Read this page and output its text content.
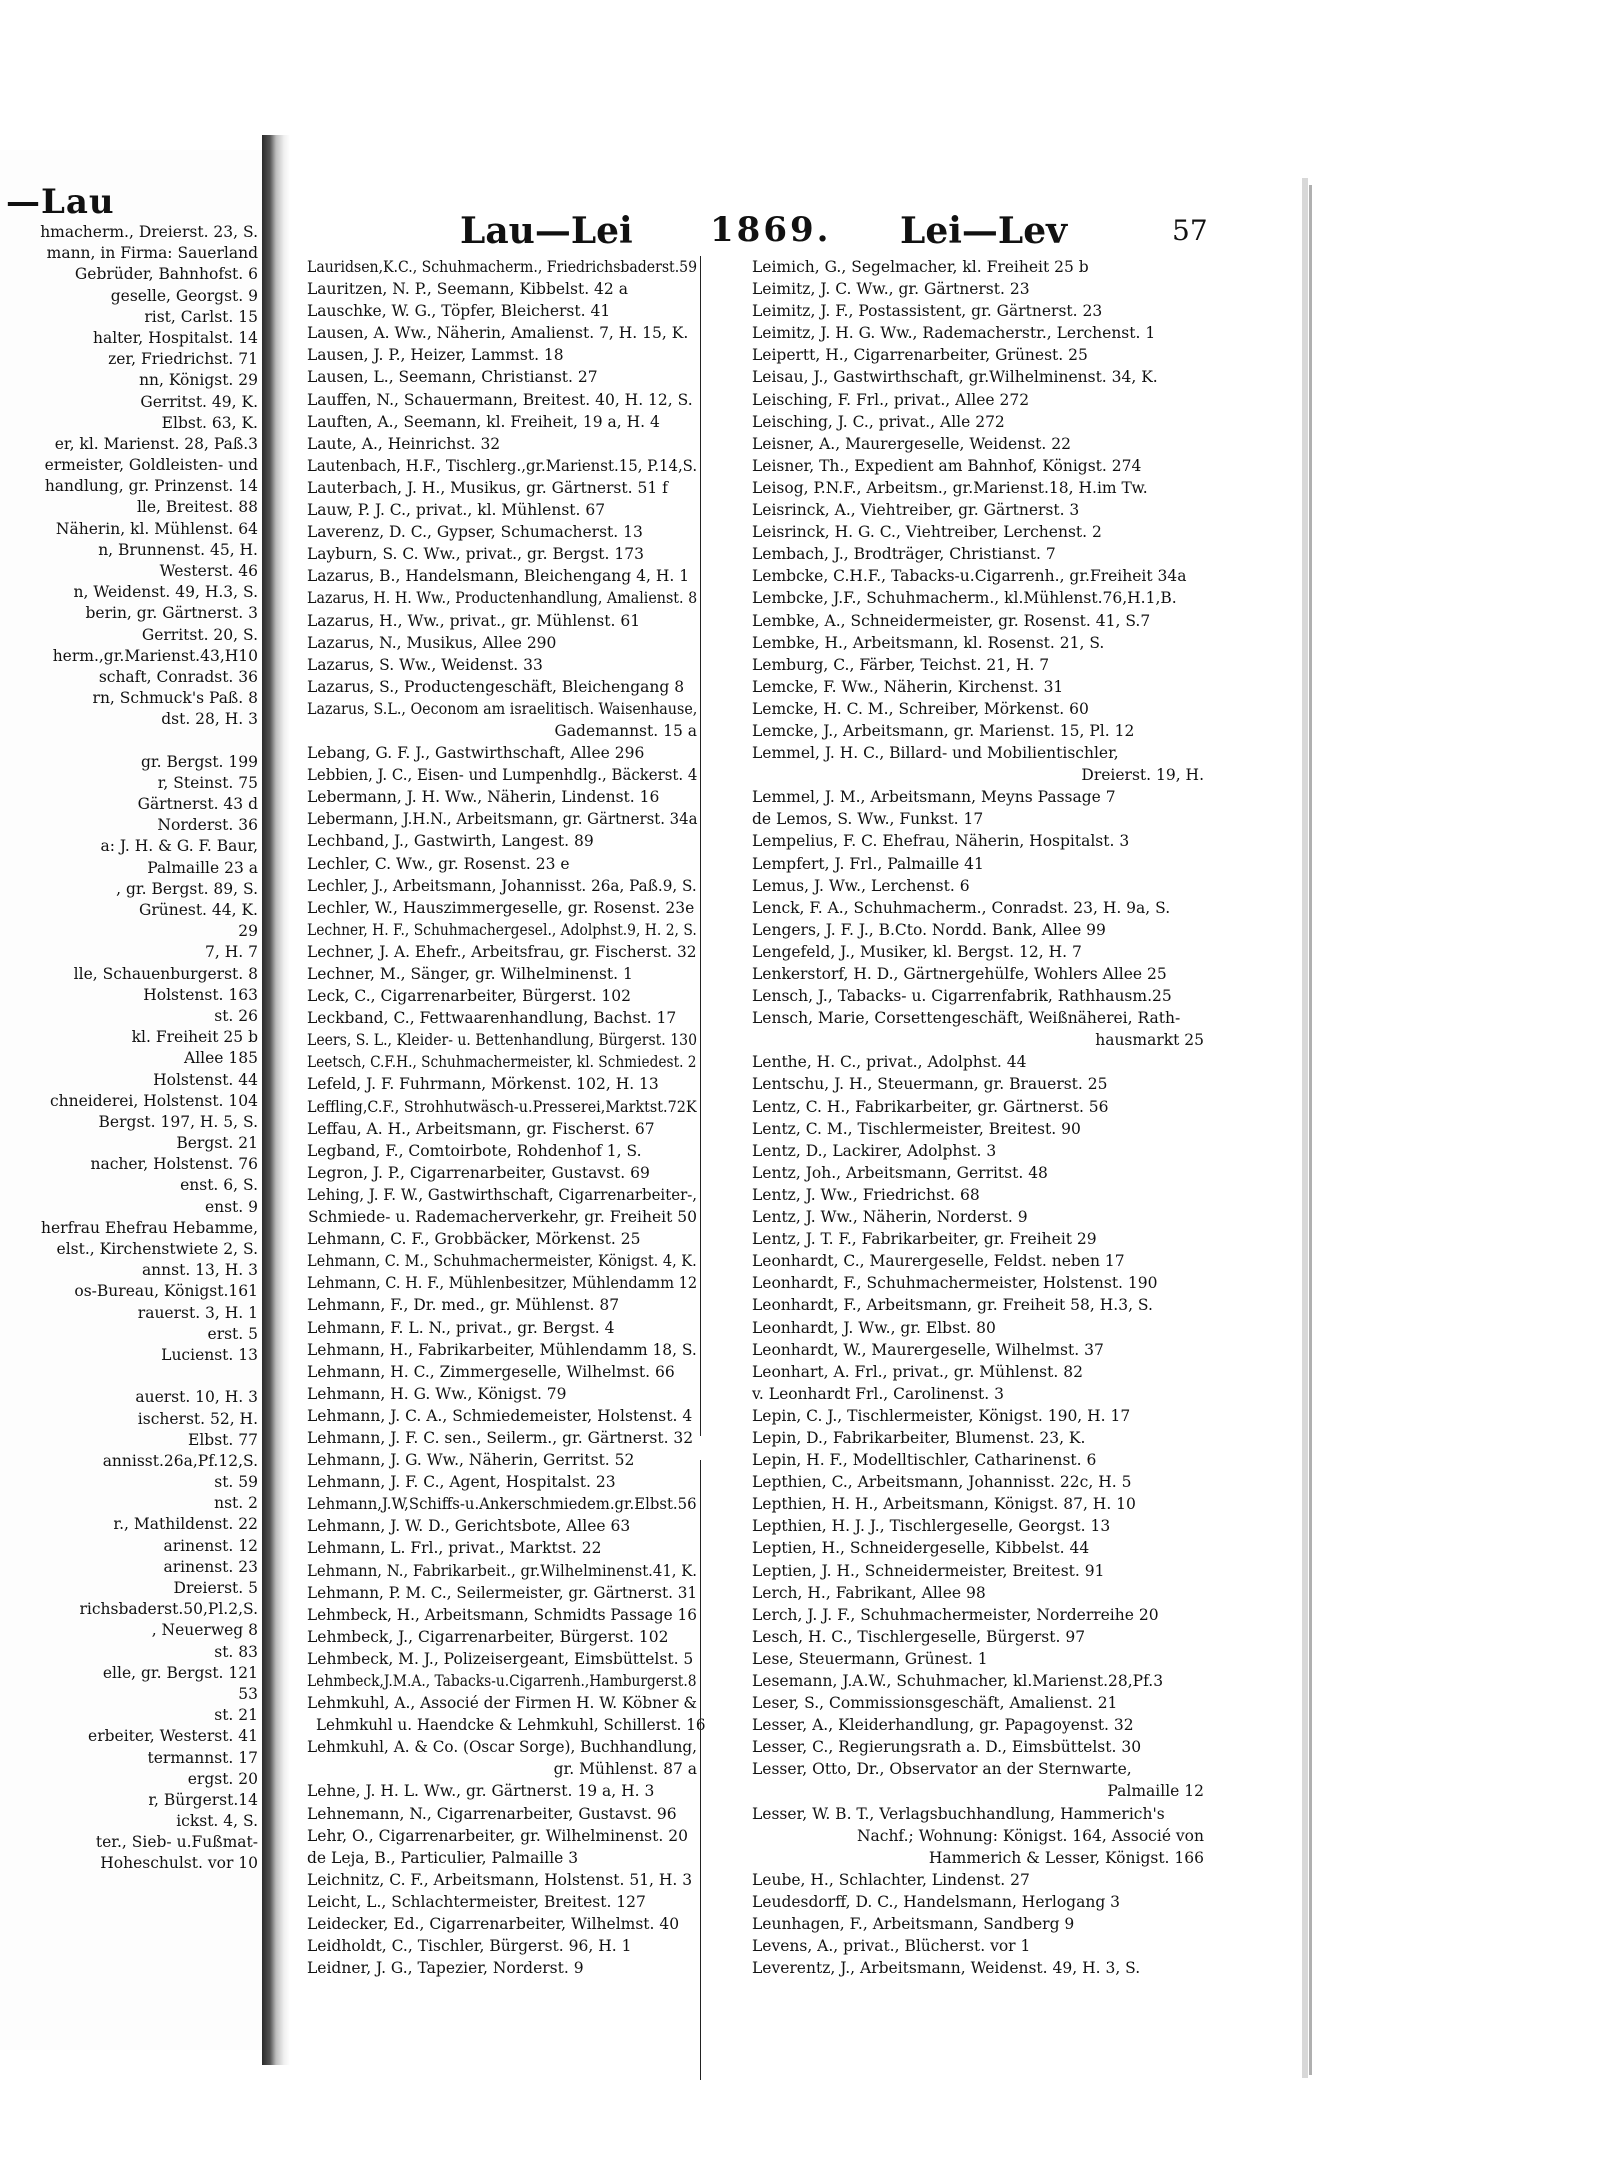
—Lau
hmacherm., Dreierst. 23, S.
mann, in Firma: Sauerland
Gebrüder, Bahnhofst. 6
geselle, Georgst. 9
rist, Carlst. 15
halter, Hospitalst. 14
zer, Friedrichst. 71
nn, Königst. 29
Gerritst. 49, K.
Elbst. 63, K.
er, kl. Marienst. 28, Paß.3
ermeister, Goldleisten- und
handlung, gr. Prinzenst. 14
lle, Breitest. 88
Näherin, kl. Mühlenst. 64
n, Brunnenst. 45, H.
Westerst. 46
n, Weidenst. 49, H.3, S.
berin, gr. Gärtnerst. 3
Gerritst. 20, S.
herm.,gr.Marienst.43,H10
schaft, Conradst. 36
rn, Schmuck's Paß. 8
dst. 28, H. 3
gr. Bergst. 199
r, Steinst. 75
Gärtnerst. 43 d
Norderst. 36
a: J. H. & G. F. Baur,
Palmaille 23 a
, gr. Bergst. 89, S.
Grünest. 44, K.
29
7, H. 7
lle, Schauenburgerst. 8
Holstenst. 163
st. 26
kl. Freiheit 25 b
Allee 185
Holstenst. 44
chneiderei, Holstenst. 104
Bergst. 197, H. 5, S.
Bergst. 21
nacher, Holstenst. 76
enst. 6, S.
enst. 9
herfrau Ehefrau Hebamme,
elst., Kirchenstwiete 2, S.
annst. 13, H. 3
os-Bureau, Königst.161
rauerst. 3, H. 1
erst. 5
Lucienst. 13
auerst. 10, H. 3
ischerst. 52, H.
Elbst. 77
annisst.26a,Pf.12,S.
st. 59
nst. 2
r., Mathildenst. 22
arinenst. 12
arinenst. 23
Dreierst. 5
richsbaderst.50,Pl.2,S.
, Neuerweg 8
st. 83
elle, gr. Bergst. 121
53
st. 21
erbeiter, Westerst. 41
termannst. 17
ergst. 20
r, Bürgerst.14
ickst. 4, S.
ter., Sieb- u.Fußmat-
Hoheschulst. vor 10
Lau—Lei 1869. Lei—Lev	57
Lauridsen,K.C., Schuhmacherm., Friedrichsbaderst.59
Lauritzen, N. P., Seemann, Kibbelst. 42 a
Lauschke, W. G., Töpfer, Bleicherst. 41
Lausen, A. Ww., Näherin, Amalienst. 7, H. 15, K.
Lausen, J. P., Heizer, Lammst. 18
Lausen, L., Seemann, Christianst. 27
Lauffen, N., Schauermann, Breitest. 40, H. 12, S.
Lauften, A., Seemann, kl. Freiheit, 19 a, H. 4
Laute, A., Heinrichst. 32
Lautenbach, H.F., Tischlerg.,gr.Marienst.15, P.14,S.
Lauterbach, J. H., Musikus, gr. Gärtnerst. 51 f
Lauw, P. J. C., privat., kl. Mühlenst. 67
Laverenz, D. C., Gypser, Schumacherst. 13
Layburn, S. C. Ww., privat., gr. Bergst. 173
Lazarus, B., Handelsmann, Bleichengang 4, H. 1
Lazarus, H. H. Ww., Productenhandlung, Amalienst. 8
Lazarus, H., Ww., privat., gr. Mühlenst. 61
Lazarus, N., Musikus, Allee 290
Lazarus, S. Ww., Weidenst. 33
Lazarus, S., Productengeschäft, Bleichengang 8
Lazarus, S.L., Oeconom am israelitisch. Waisenhause,
Gademannst. 15 a
Lebang, G. F. J., Gastwirthschaft, Allee 296
Lebbien, J. C., Eisen- und Lumpenhdlg., Bäckerst. 4
Lebermann, J. H. Ww., Näherin, Lindenst. 16
Lebermann, J.H.N., Arbeitsmann, gr. Gärtnerst. 34a
Lechband, J., Gastwirth, Langest. 89
Lechler, C. Ww., gr. Rosenst. 23 e
Lechler, J., Arbeitsmann, Johannisst. 26a, Paß.9, S.
Lechler, W., Hauszimmergeselle, gr. Rosenst. 23e
Lechner, H. F., Schuhmachergesel., Adolphst.9, H. 2, S.
Lechner, J. A. Ehefr., Arbeitsfrau, gr. Fischerst. 32
Lechner, M., Sänger, gr. Wilhelminenst. 1
Leck, C., Cigarrenarbeiter, Bürgerst. 102
Leckband, C., Fettwaarenhandlung, Bachst. 17
Leers, S. L., Kleider- u. Bettenhandlung, Bürgerst. 130
Leetsch, C.F.H., Schuhmachermeister, kl. Schmiedest. 2
Lefeld, J. F. Fuhrmann, Mörkenst. 102, H. 13
Leffling,C.F., Strohhutwäsch-u.Presserei,Marktst.72K
Leffau, A. H., Arbeitsmann, gr. Fischerst. 67
Legband, F., Comtoirbote, Rohdenhof 1, S.
Legron, J. P., Cigarrenarbeiter, Gustavst. 69
Lehing, J. F. W., Gastwirthschaft, Cigarrenarbeiter-,
Schmiede- u. Rademacherverkehr, gr. Freiheit 50
Lehmann, C. F., Grobbäcker, Mörkenst. 25
Lehmann, C. M., Schuhmachermeister, Königst. 4, K.
Lehmann, C. H. F., Mühlenbesitzer, Mühlendamm 12
Lehmann, F., Dr. med., gr. Mühlenst. 87
Lehmann, F. L. N., privat., gr. Bergst. 4
Lehmann, H., Fabrikarbeiter, Mühlendamm 18, S.
Lehmann, H. C., Zimmergeselle, Wilhelmst. 66
Lehmann, H. G. Ww., Königst. 79
Lehmann, J. C. A., Schmiedemeister, Holstenst. 4
Lehmann, J. F. C. sen., Seilerm., gr. Gärtnerst. 32
Lehmann, J. G. Ww., Näherin, Gerritst. 52
Lehmann, J. F. C., Agent, Hospitalst. 23
Lehmann,J.W,Schiffs-u.Ankerschmiedem.gr.Elbst.56
Lehmann, J. W. D., Gerichtsbote, Allee 63
Lehmann, L. Frl., privat., Marktst. 22
Lehmann, N., Fabrikarbeit., gr.Wilhelminenst.41, K.
Lehmann, P. M. C., Seilermeister, gr. Gärtnerst. 31
Lehmbeck, H., Arbeitsmann, Schmidts Passage 16
Lehmbeck, J., Cigarrenarbeiter, Bürgerst. 102
Lehmbeck, M. J., Polizeisergeant, Eimsbüttelst. 5
Lehmbeck,J.M.A., Tabacks-u.Cigarrenh.,Hamburgerst.8
Lehmkuhl, A., Associé der Firmen H. W. Köbner &
Lehmkuhl u. Haendcke & Lehmkuhl, Schillerst. 16
Lehmkuhl, A. & Co. (Oscar Sorge), Buchhandlung,
gr. Mühlenst. 87 a
Lehne, J. H. L. Ww., gr. Gärtnerst. 19 a, H. 3
Lehnemann, N., Cigarrenarbeiter, Gustavst. 96
Lehr, O., Cigarrenarbeiter, gr. Wilhelminenst. 20
de Leja, B., Particulier, Palmaille 3
Leichnitz, C. F., Arbeitsmann, Holstenst. 51, H. 3
Leicht, L., Schlachtermeister, Breitest. 127
Leidecker, Ed., Cigarrenarbeiter, Wilhelmst. 40
Leidholdt, C., Tischler, Bürgerst. 96, H. 1
Leidner, J. G., Tapezier, Norderst. 9
Leimich, G., Segelmacher, kl. Freiheit 25 b
Leimitz, J. C. Ww., gr. Gärtnerst. 23
Leimitz, J. F., Postassistent, gr. Gärtnerst. 23
Leimitz, J. H. G. Ww., Rademacherstr., Lerchenst. 1
Leipertt, H., Cigarrenarbeiter, Grünest. 25
Leisau, J., Gastwirthschaft, gr.Wilhelminenst. 34, K.
Leisching, F. Frl., privat., Allee 272
Leisching, J. C., privat., Alle 272
Leisner, A., Maurergeselle, Weidenst. 22
Leisner, Th., Expedient am Bahnhof, Königst. 274
Leisog, P.N.F., Arbeitsm., gr.Marienst.18, H.im Tw.
Leisrinck, A., Viehtreiber, gr. Gärtnerst. 3
Leisrinck, H. G. C., Viehtreiber, Lerchenst. 2
Lembach, J., Brodträger, Christianst. 7
Lembcke, C.H.F., Tabacks-u.Cigarrenh., gr.Freiheit 34a
Lembcke, J.F., Schuhmacherm., kl.Mühlenst.76,H.1,B.
Lembke, A., Schneidermeister, gr. Rosenst. 41, S.7
Lembke, H., Arbeitsmann, kl. Rosenst. 21, S.
Lemburg, C., Färber, Teichst. 21, H. 7
Lemcke, F. Ww., Näherin, Kirchenst. 31
Lemcke, H. C. M., Schreiber, Mörkenst. 60
Lemcke, J., Arbeitsmann, gr. Marienst. 15, Pl. 12
Lemmel, J. H. C., Billard- und Mobilientischler,
Dreierst. 19, H.
Lemmel, J. M., Arbeitsmann, Meyns Passage 7
de Lemos, S. Ww., Funkst. 17
Lempelius, F. C. Ehefrau, Näherin, Hospitalst. 3
Lempfert, J. Frl., Palmaille 41
Lemus, J. Ww., Lerchenst. 6
Lenck, F. A., Schuhmacherm., Conradst. 23, H. 9a, S.
Lengers, J. F. J., B.Cto. Nordd. Bank, Allee 99
Lengefeld, J., Musiker, kl. Bergst. 12, H. 7
Lenkerstorf, H. D., Gärtnergehülfe, Wohlers Allee 25
Lensch, J., Tabacks- u. Cigarrenfabrik, Rathhausm.25
Lensch, Marie, Corsettengeschäft, Weißnäherei, Rath-
hausmarkt 25
Lenthe, H. C., privat., Adolphst. 44
Lentschu, J. H., Steuermann, gr. Brauerst. 25
Lentz, C. H., Fabrikarbeiter, gr. Gärtnerst. 56
Lentz, C. M., Tischlermeister, Breitest. 90
Lentz, D., Lackirer, Adolphst. 3
Lentz, Joh., Arbeitsmann, Gerritst. 48
Lentz, J. Ww., Friedrichst. 68
Lentz, J. Ww., Näherin, Norderst. 9
Lentz, J. T. F., Fabrikarbeiter, gr. Freiheit 29
Leonhardt, C., Maurergeselle, Feldst. neben 17
Leonhardt, F., Schuhmachermeister, Holstenst. 190
Leonhardt, F., Arbeitsmann, gr. Freiheit 58, H.3, S.
Leonhardt, J. Ww., gr. Elbst. 80
Leonhardt, W., Maurergeselle, Wilhelmst. 37
Leonhart, A. Frl., privat., gr. Mühlenst. 82
v. Leonhardt Frl., Carolinenst. 3
Lepin, C. J., Tischlermeister, Königst. 190, H. 17
Lepin, D., Fabrikarbeiter, Blumenst. 23, K.
Lepin, H. F., Modelltischler, Catharinenst. 6
Lepthien, C., Arbeitsmann, Johannisst. 22c, H. 5
Lepthien, H. H., Arbeitsmann, Königst. 87, H. 10
Lepthien, H. J. J., Tischlergeselle, Georgst. 13
Leptien, H., Schneidergeselle, Kibbelst. 44
Leptien, J. H., Schneidermeister, Breitest. 91
Lerch, H., Fabrikant, Allee 98
Lerch, J. J. F., Schuhmachermeister, Norderreihe 20
Lesch, H. C., Tischlergeselle, Bürgerst. 97
Lese, Steuermann, Grünest. 1
Lesemann, J.A.W., Schuhmacher, kl.Marienst.28,Pf.3
Leser, S., Commissionsgeschäft, Amalienst. 21
Lesser, A., Kleiderhandlung, gr. Papagoyenst. 32
Lesser, C., Regierungsrath a. D., Eimsbüttelst. 30
Lesser, Otto, Dr., Observator an der Sternwarte,
Palmaille 12
Lesser, W. B. T., Verlagsbuchhandlung, Hammerich's
Nachf.; Wohnung: Königst. 164, Associé von
Hammerich & Lesser, Königst. 166
Leube, H., Schlachter, Lindenst. 27
Leudesdorff, D. C., Handelsmann, Herlogang 3
Leunhagen, F., Arbeitsmann, Sandberg 9
Levens, A., privat., Blücherst. vor 1
Leverentz, J., Arbeitsmann, Weidenst. 49, H. 3, S.
